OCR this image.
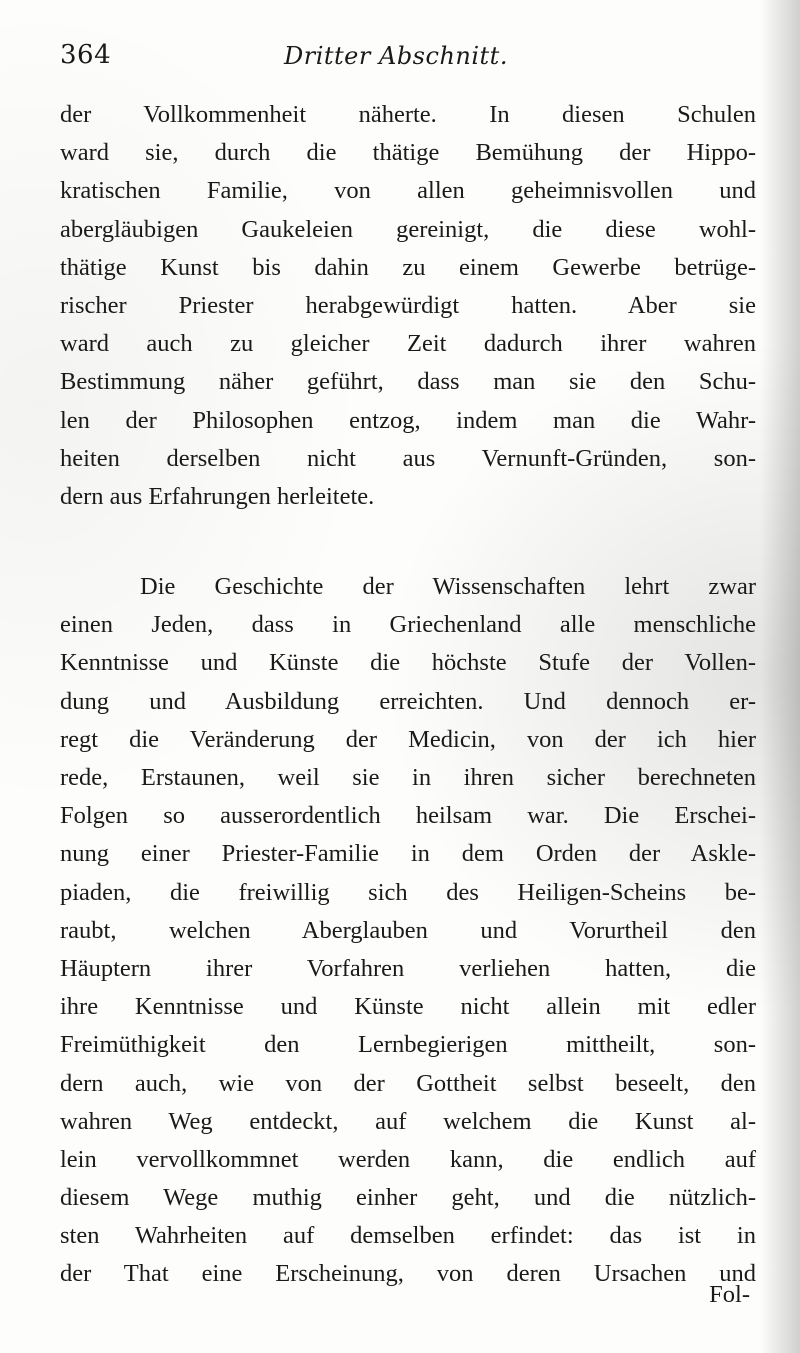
364	Dritter Abschnitt.
der Vollkommenheit näherte. In diesen Schulen
ward sie, durch die thätige Bemühung der Hippo-
kratischen Familie, von allen geheimnisvollen und
abergläubigen Gaukeleien gereinigt, die diese wohl-
thätige Kunst bis dahin zu einem Gewerbe betrüge-
rischer Priester herabgewürdigt hatten. Aber sie
ward auch zu gleicher Zeit dadurch ihrer wahren
Bestimmung näher geführt, dass man sie den Schu-
len der Philosophen entzog, indem man die Wahr-
heiten derselben nicht aus Vernunft-Gründen, son-
dern aus Erfahrungen herleitete.
Die Geschichte der Wissenschaften lehrt zwar
einen Jeden, dass in Griechenland alle menschliche
Kenntnisse und Künste die höchste Stufe der Vollen-
dung und Ausbildung erreichten. Und dennoch er-
regt die Veränderung der Medicin, von der ich hier
rede, Erstaunen, weil sie in ihren sicher berechneten
Folgen so ausserordentlich heilsam war. Die Erschei-
nung einer Priester-Familie in dem Orden der Askle-
piaden, die freiwillig sich des Heiligen-Scheins be-
raubt, welchen Aberglauben und Vorurtheil den
Häuptern ihrer Vorfahren verliehen hatten, die
ihre Kenntnisse und Künste nicht allein mit edler
Freimüthigkeit den Lernbegierigen mittheilt, son-
dern auch, wie von der Gottheit selbst beseelt, den
wahren Weg entdeckt, auf welchem die Kunst al-
lein vervollkommnet werden kann, die endlich auf
diesem Wege muthig einher geht, und die nützlich-
sten Wahrheiten auf demselben erfindet: das ist in
der That eine Erscheinung, von deren Ursachen und
Fol-
